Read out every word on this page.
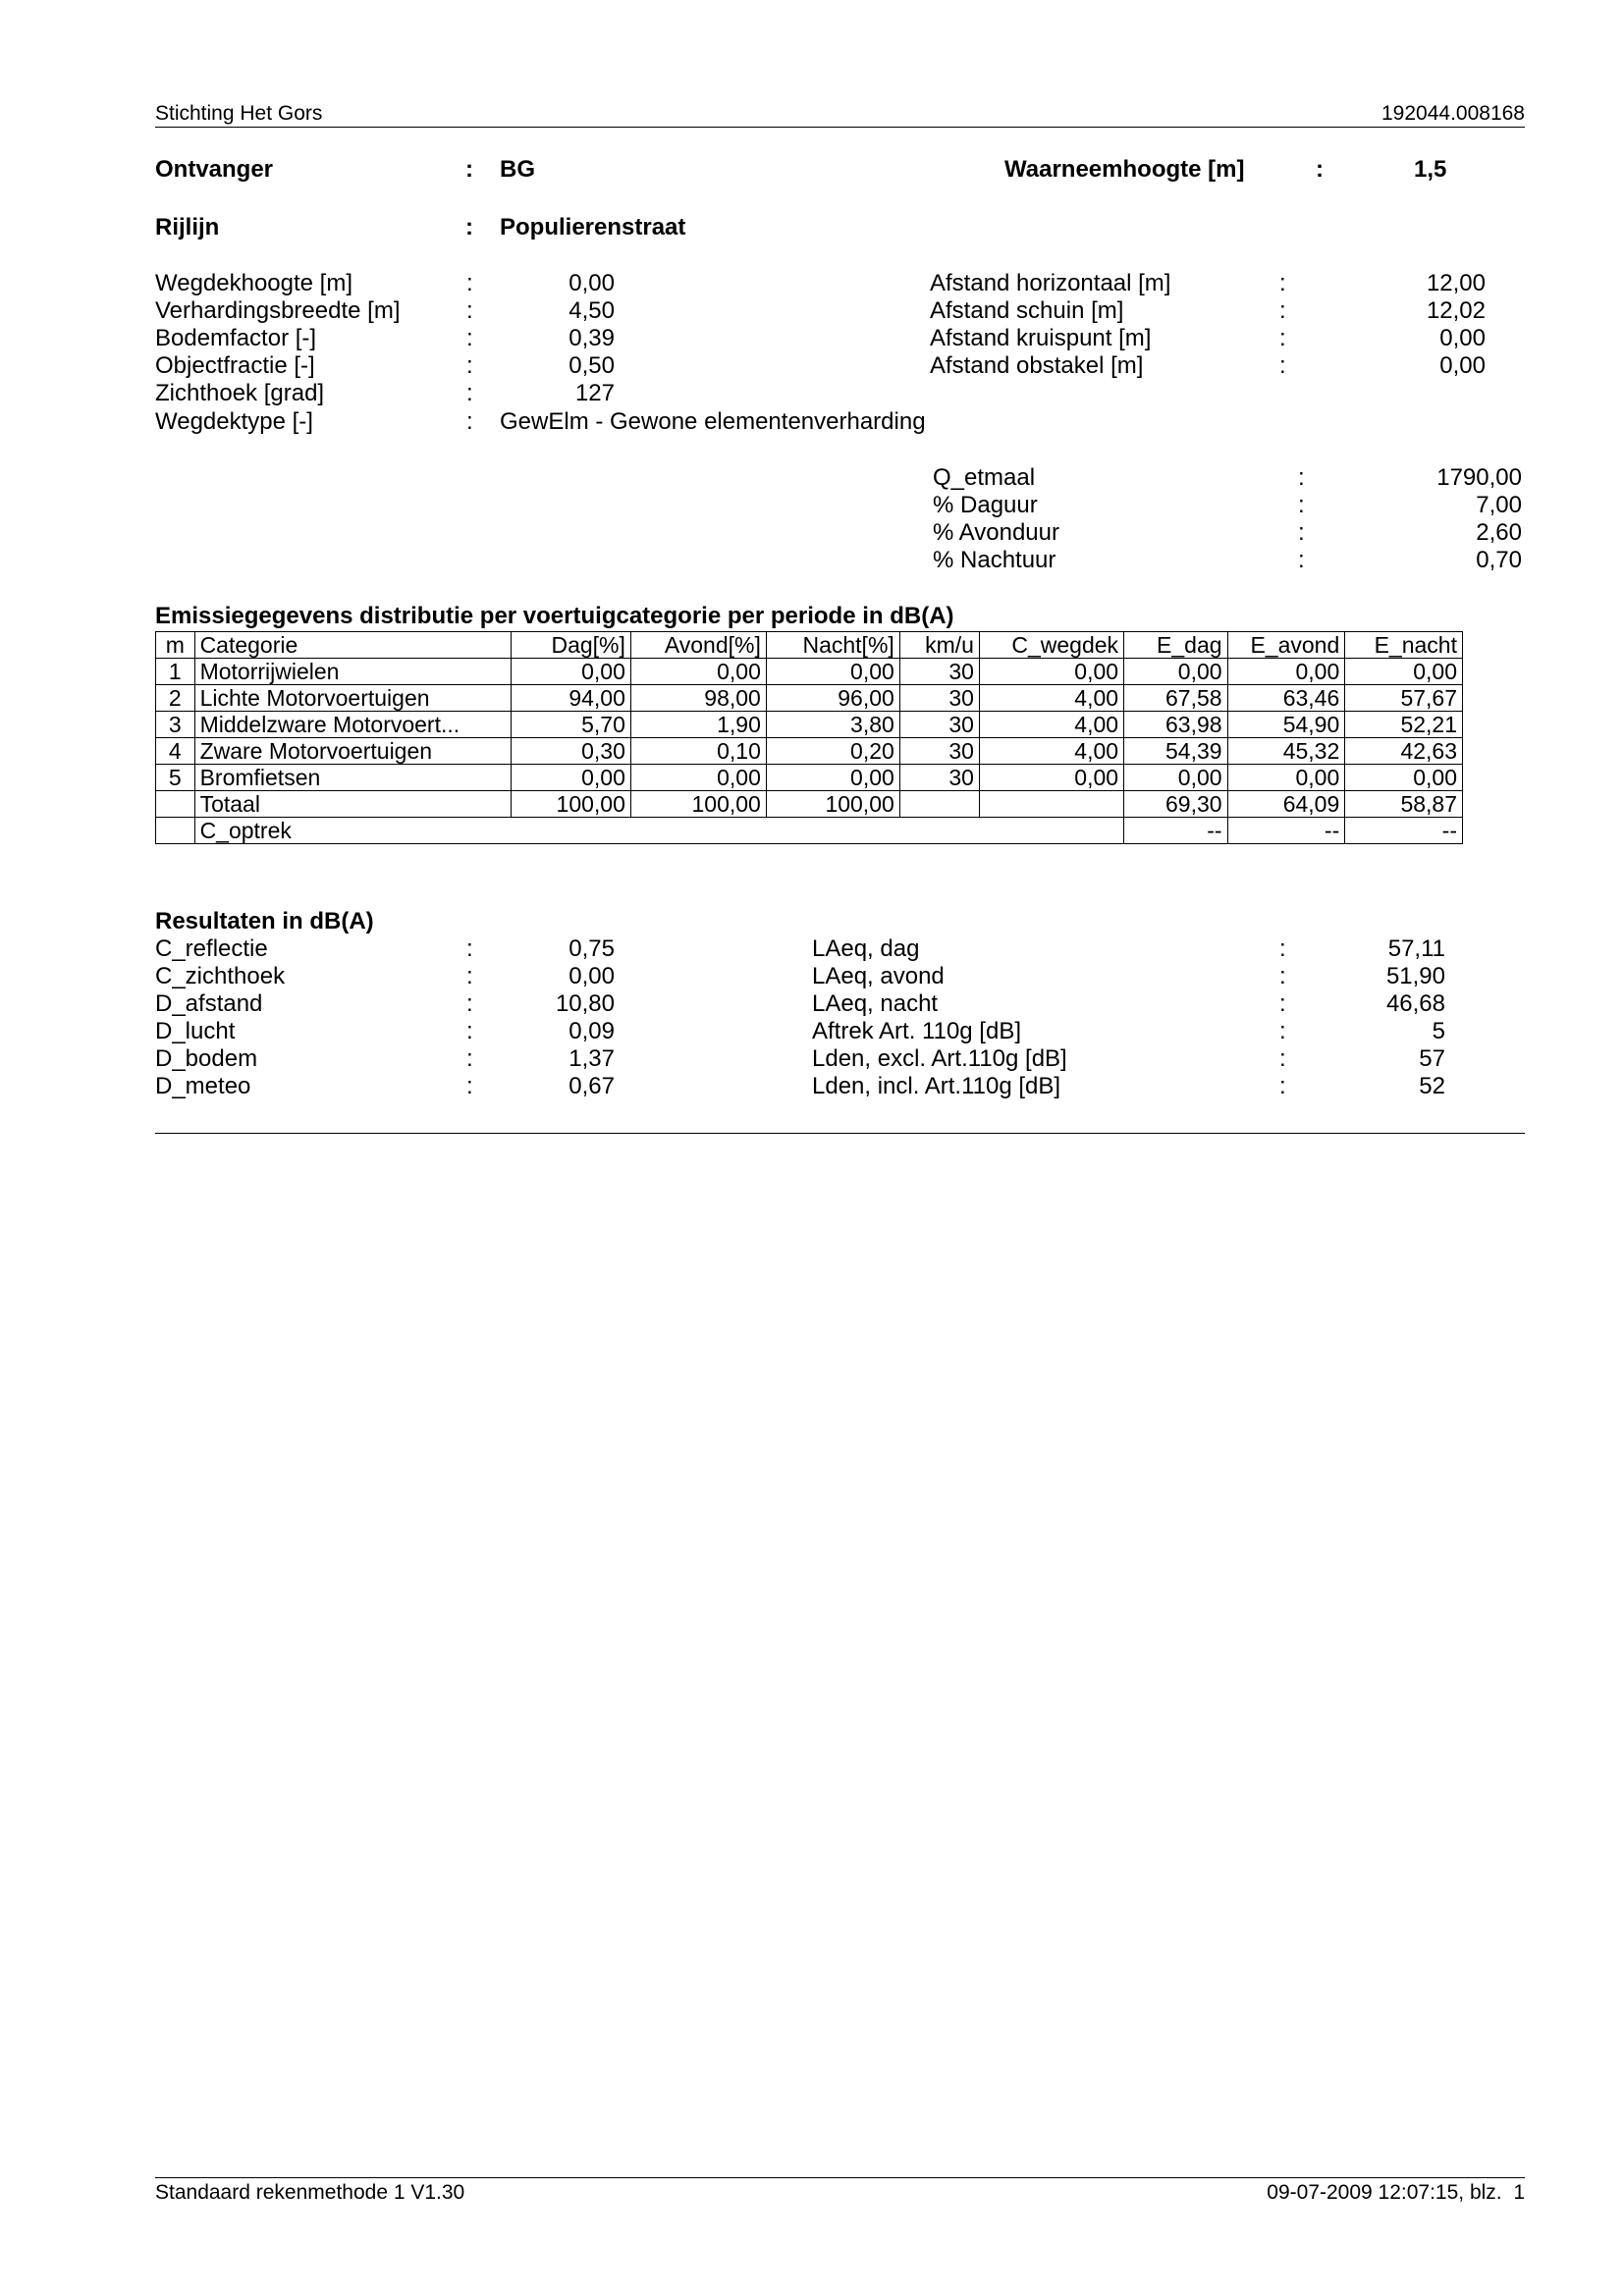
Stichting Het Gors	192044.008168
Ontvanger	: BG	Waarneemhoogte [m]	:	1,5
Rijlijn	: Populierenstraat
Wegdekhoogte [m]	:	0,00
Verhardingsbreedte [m]	:	4,50
Bodemfactor [-]	:	0,39
Objectfractie [-]	:	0,50
Zichthoek [grad]	:	127
Wegdektype [-]	: GewElm - Gewone elementenverharding
Afstand horizontaal [m]	:	12,00
Afstand schuin [m]	:	12,02
Afstand kruispunt [m]	:	0,00
Afstand obstakel [m]	:	0,00
Q_etmaal	:	1790,00
% Daguur	:	7,00
% Avonduur	:	2,60
% Nachtuur	:	0,70
Emissiegegevens distributie per voertuigcategorie per periode in dB(A)
m	Categorie	Dag[%]	Avond[%]	Nacht[%]	km/u	C_wegdek	E_dag	E_avond	E_nacht
1	Motorrijwielen	0,00	0,00	0,00	30	0,00	0,00	0,00	0,00
2	Lichte Motorvoertuigen	94,00	98,00	96,00	30	4,00	67,58	63,46	57,67
3	Middelzware Motorvoert...	5,70	1,90	3,80	30	4,00	63,98	54,90	52,21
4	Zware Motorvoertuigen	0,30	0,10	0,20	30	4,00	54,39	45,32	42,63
5	Bromfietsen	0,00	0,00	0,00	30	0,00	0,00	0,00	0,00
	Totaal	100,00	100,00	100,00			69,30	64,09	58,87
	C_optrek						--	--	--
Resultaten in dB(A)
C_reflectie	:	0,75
C_zichthoek	:	0,00
D_afstand	:	10,80
D_lucht	:	0,09
D_bodem	:	1,37
D_meteo	:	0,67
LAeq, dag	:	57,11
LAeq, avond	:	51,90
LAeq, nacht	:	46,68
Aftrek Art. 110g [dB]	:	5
Lden, excl. Art.110g [dB]	:	57
Lden, incl. Art.110g [dB]	:	52
Standaard rekenmethode 1 V1.30	09-07-2009 12:07:15, blz.  1
